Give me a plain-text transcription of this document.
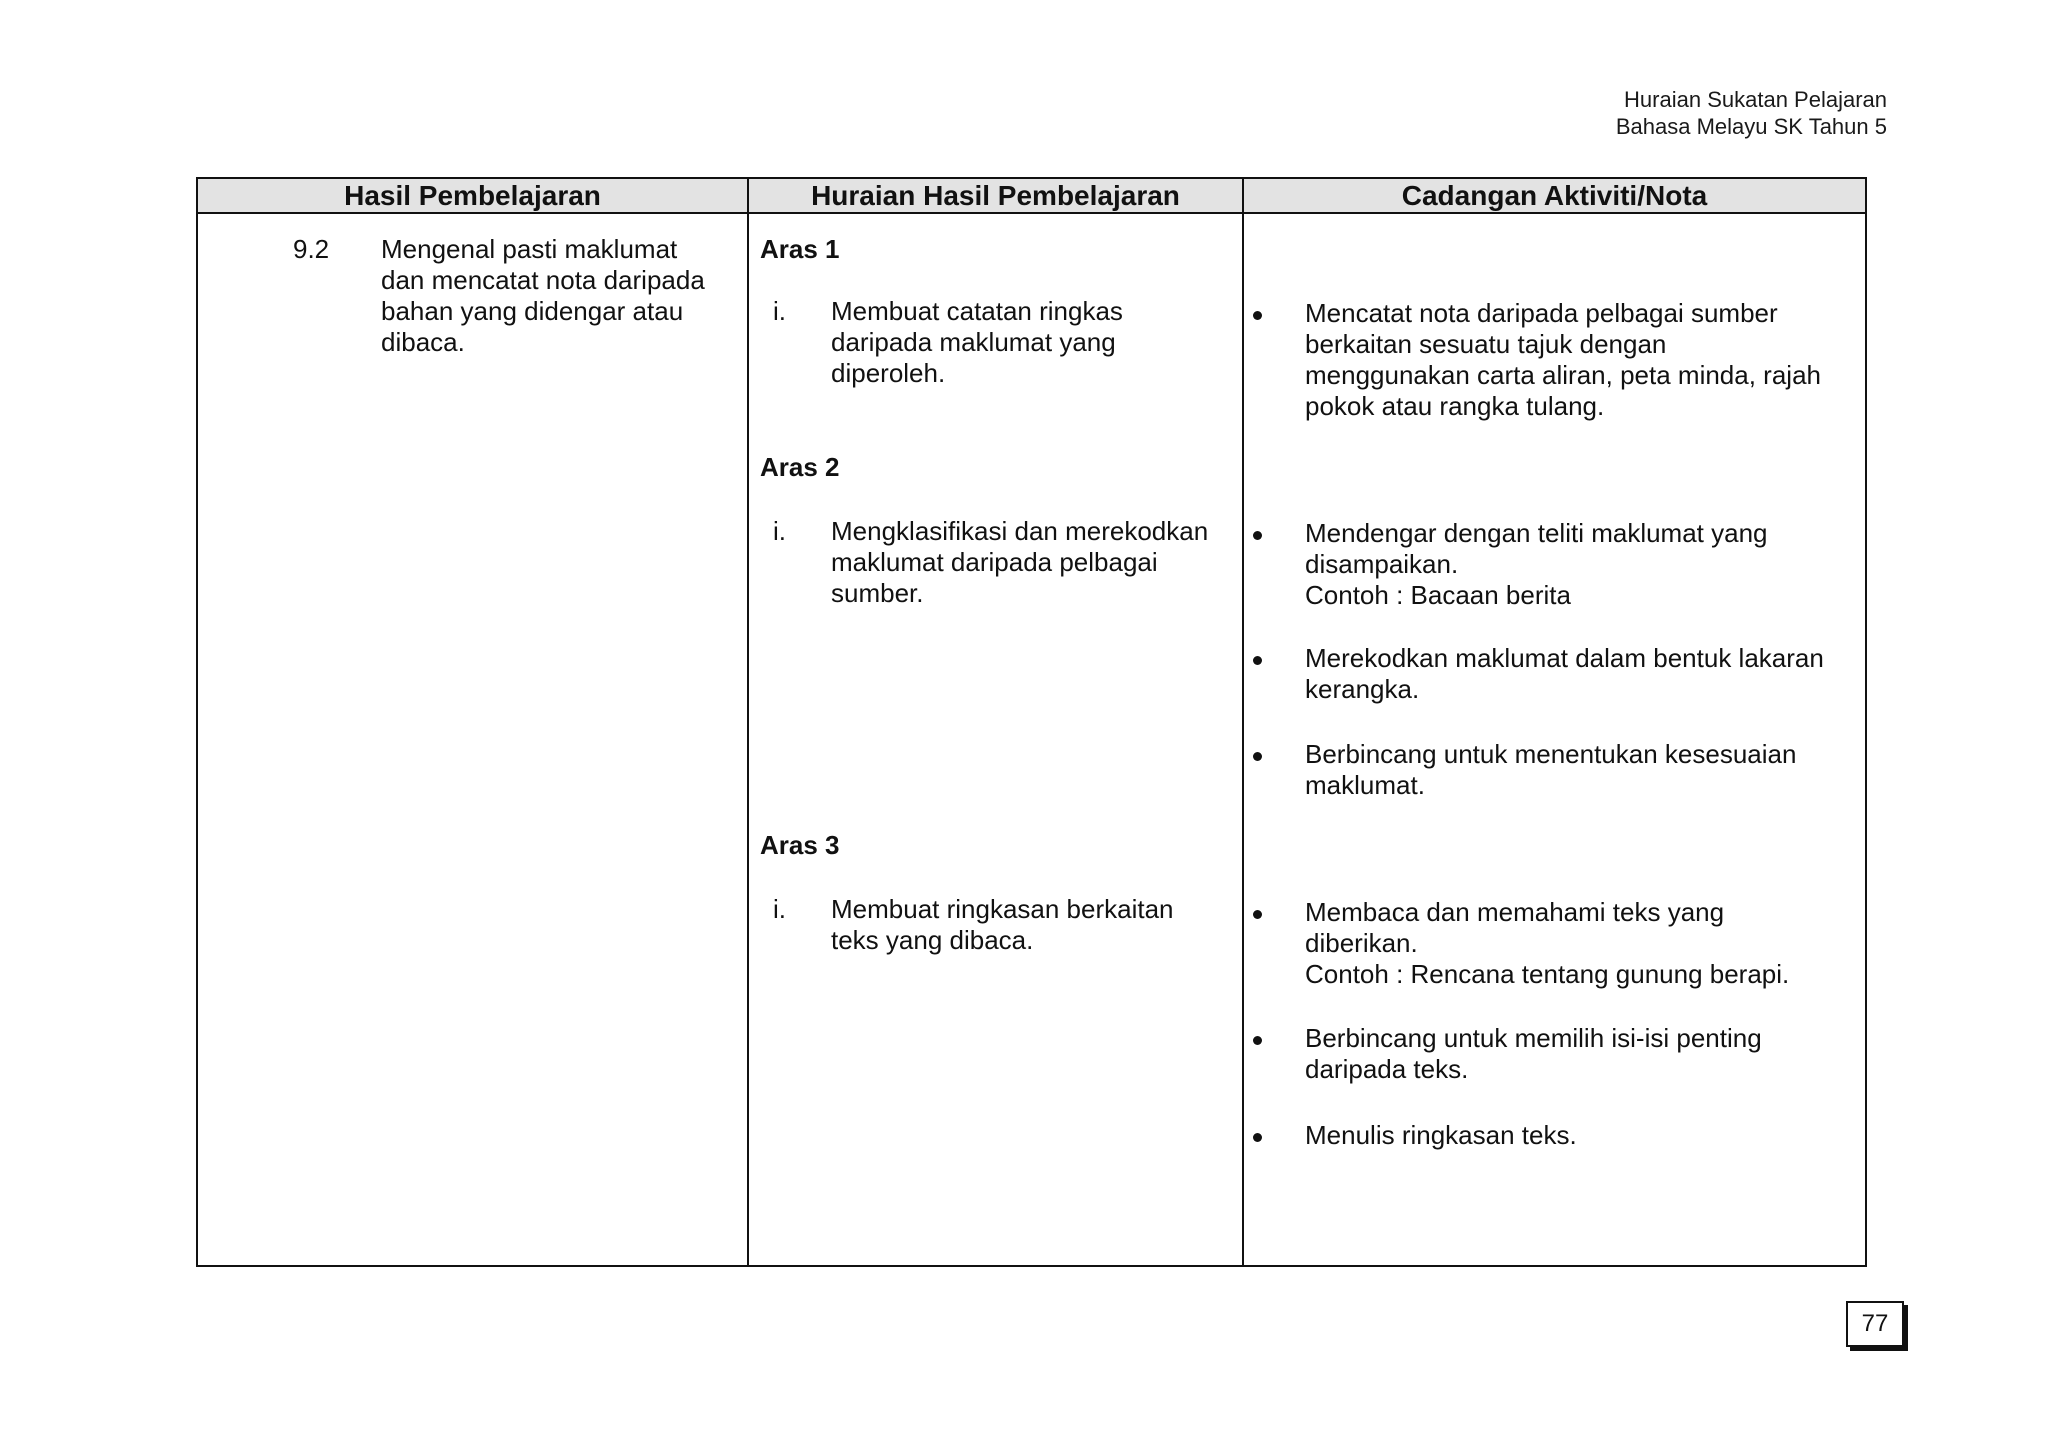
Huraian Sukatan Pelajaran
Bahasa Melayu SK Tahun 5
Hasil Pembelajaran	Huraian Hasil Pembelajaran	Cadangan Aktiviti/Nota
9.2 Mengenal pasti maklumat
dan mencatat nota daripada
bahan yang didengar atau
dibaca.
Aras 1
i. Membuat catatan ringkas
daripada maklumat yang
diperoleh.
Aras 2
i. Mengklasifikasi dan merekodkan
maklumat daripada pelbagai
sumber.
Aras 3
i. Membuat ringkasan berkaitan
teks yang dibaca.
Mencatat nota daripada pelbagai sumber
berkaitan sesuatu tajuk dengan
menggunakan carta aliran, peta minda, rajah
pokok atau rangka tulang.
Mendengar dengan teliti maklumat yang
disampaikan.
Contoh : Bacaan berita
Merekodkan maklumat dalam bentuk lakaran
kerangka.
Berbincang untuk menentukan kesesuaian
maklumat.
Membaca dan memahami teks yang
diberikan.
Contoh : Rencana tentang gunung berapi.
Berbincang untuk memilih isi-isi penting
daripada teks.
Menulis ringkasan teks.
77
